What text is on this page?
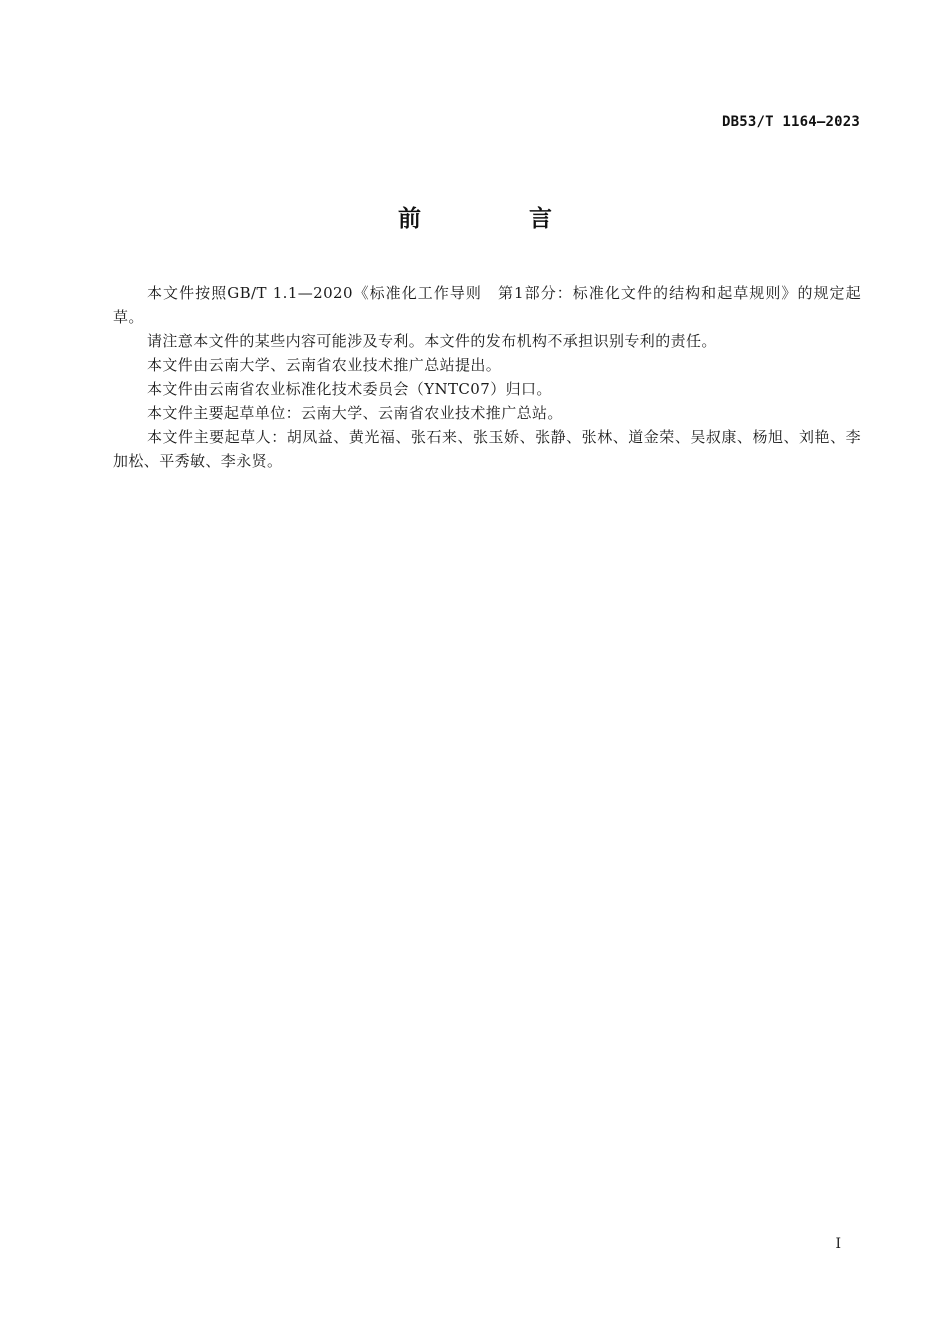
DB53/T 1164—2023
前 言

本文件按照GB/T 1.1—2020《标准化工作导则　第1部分：标准化文件的结构和起草规则》的规定起草。

请注意本文件的某些内容可能涉及专利。本文件的发布机构不承担识别专利的责任。

本文件由云南大学、云南省农业技术推广总站提出。

本文件由云南省农业标准化技术委员会（YNTC07）归口。

本文件主要起草单位：云南大学、云南省农业技术推广总站。

本文件主要起草人：胡凤益、黄光福、张石来、张玉娇、张静、张林、道金荣、吴叔康、杨旭、刘艳、李加松、平秀敏、李永贤。

I
